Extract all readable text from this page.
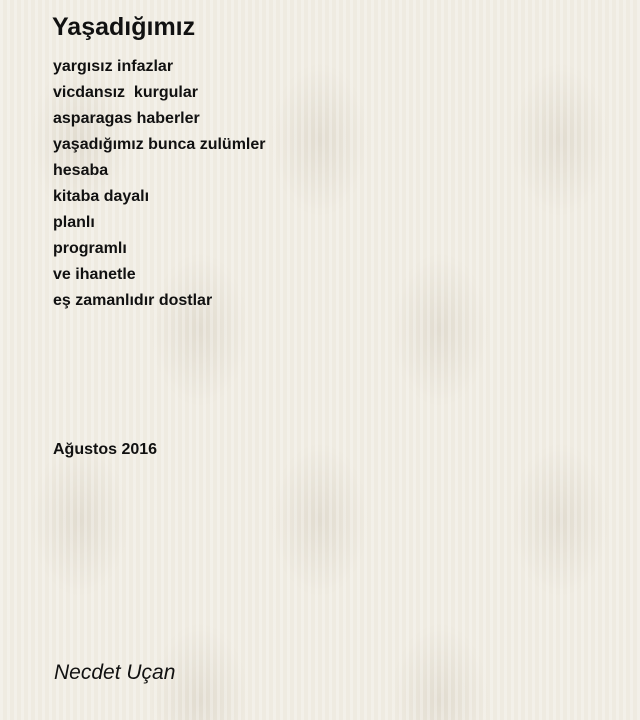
Yaşadığımız
yargısız infazlar
vicdansız  kurgular
asparagas haberler
yaşadığımız bunca zulümler
hesaba
kitaba dayalı
planlı
programlı
ve ihanetle
eş zamanlıdır dostlar
Ağustos 2016
Necdet Uçan
